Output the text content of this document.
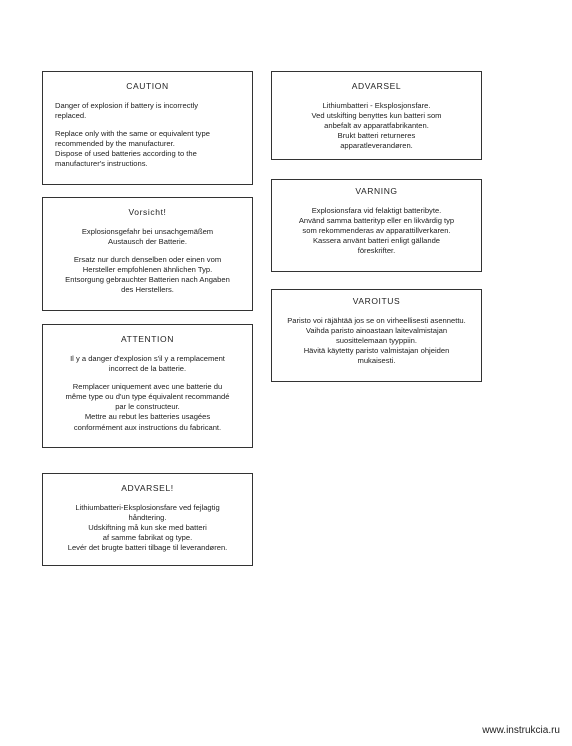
CAUTION

Danger of explosion if battery is incorrectly

replaced.

Replace only with the same or equivalent type

recommended by the manufacturer.

Dispose of used batteries according to the

manufacturer's instructions.

Vorsicht!

Explosionsgefahr bei unsachgemäßem

Austausch der Batterie.

Ersatz nur durch denselben oder einen vom

Hersteller empfohlenen ähnlichen Typ.

Entsorgung gebrauchter Batterien nach Angaben

des Herstellers.

ATTENTION

Il y a danger d'explosion s'il y a remplacement

incorrect de la batterie.

Remplacer uniquement avec une batterie du

même type ou d'un type équivalent recommandé

par le constructeur.

Mettre au rebut les batteries usagées

conformément aux instructions du fabricant.

ADVARSEL!

Lithiumbatteri-Eksplosionsfare ved fejlagtig

håndtering.

Udskiftning må kun ske med batteri

af samme fabrikat og type.

Levér det brugte batteri tilbage til leverandøren.

ADVARSEL

Lithiumbatteri - Eksplosjonsfare.

Ved utskifting benyttes kun batteri som

anbefalt av apparatfabrikanten.

Brukt batteri returneres

apparatleverandøren.

VARNING

Explosionsfara vid felaktigt batteribyte.

Använd samma batterityp eller en likvärdig typ

som rekommenderas av apparattillverkaren.

Kassera använt batteri enligt gällande

föreskrifter.

VAROITUS

Paristo voi räjähtää jos se on virheellisesti asennettu.

Vaihda paristo ainoastaan laitevalmistajan

suosittelemaan tyyppiin.

Hävitä käytetty paristo valmistajan ohjeiden

mukaisesti.

www.instrukcia.ru
